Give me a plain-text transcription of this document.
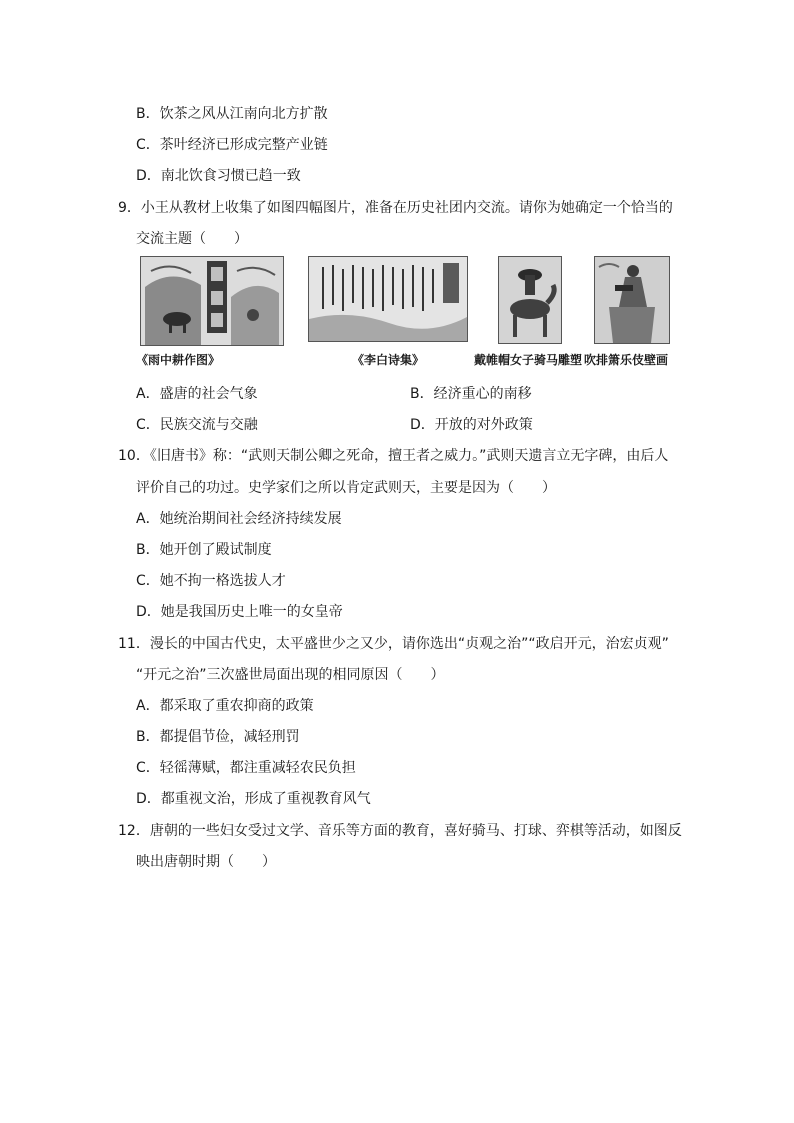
B．饮茶之风从江南向北方扩散
C．茶叶经济已形成完整产业链
D．南北饮食习惯已趋一致
9．小王从教材上收集了如图四幅图片，准备在历史社团内交流。请你为她确定一个恰当的
交流主题（　　）
《雨中耕作图》	《李白诗集》	戴帷帽女子骑马雕塑 吹排箫乐伎壁画
A．盛唐的社会气象	B．经济重心的南移
C．民族交流与交融	D．开放的对外政策
10．《旧唐书》称：“武则天制公卿之死命，擅王者之威力。”武则天遗言立无字碑，由后人
评价自己的功过。史学家们之所以肯定武则天，主要是因为（　　）
A．她统治期间社会经济持续发展
B．她开创了殿试制度
C．她不拘一格选拔人才
D．她是我国历史上唯一的女皇帝
11．漫长的中国古代史，太平盛世少之又少，请你选出“贞观之治”“政启开元，治宏贞观”
“开元之治”三次盛世局面出现的相同原因（　　）
A．都采取了重农抑商的政策
B．都提倡节俭，减轻刑罚
C．轻徭薄赋，都注重减轻农民负担
D．都重视文治，形成了重视教育风气
12．唐朝的一些妇女受过文学、音乐等方面的教育，喜好骑马、打球、弈棋等活动，如图反
映出唐朝时期（　　）
